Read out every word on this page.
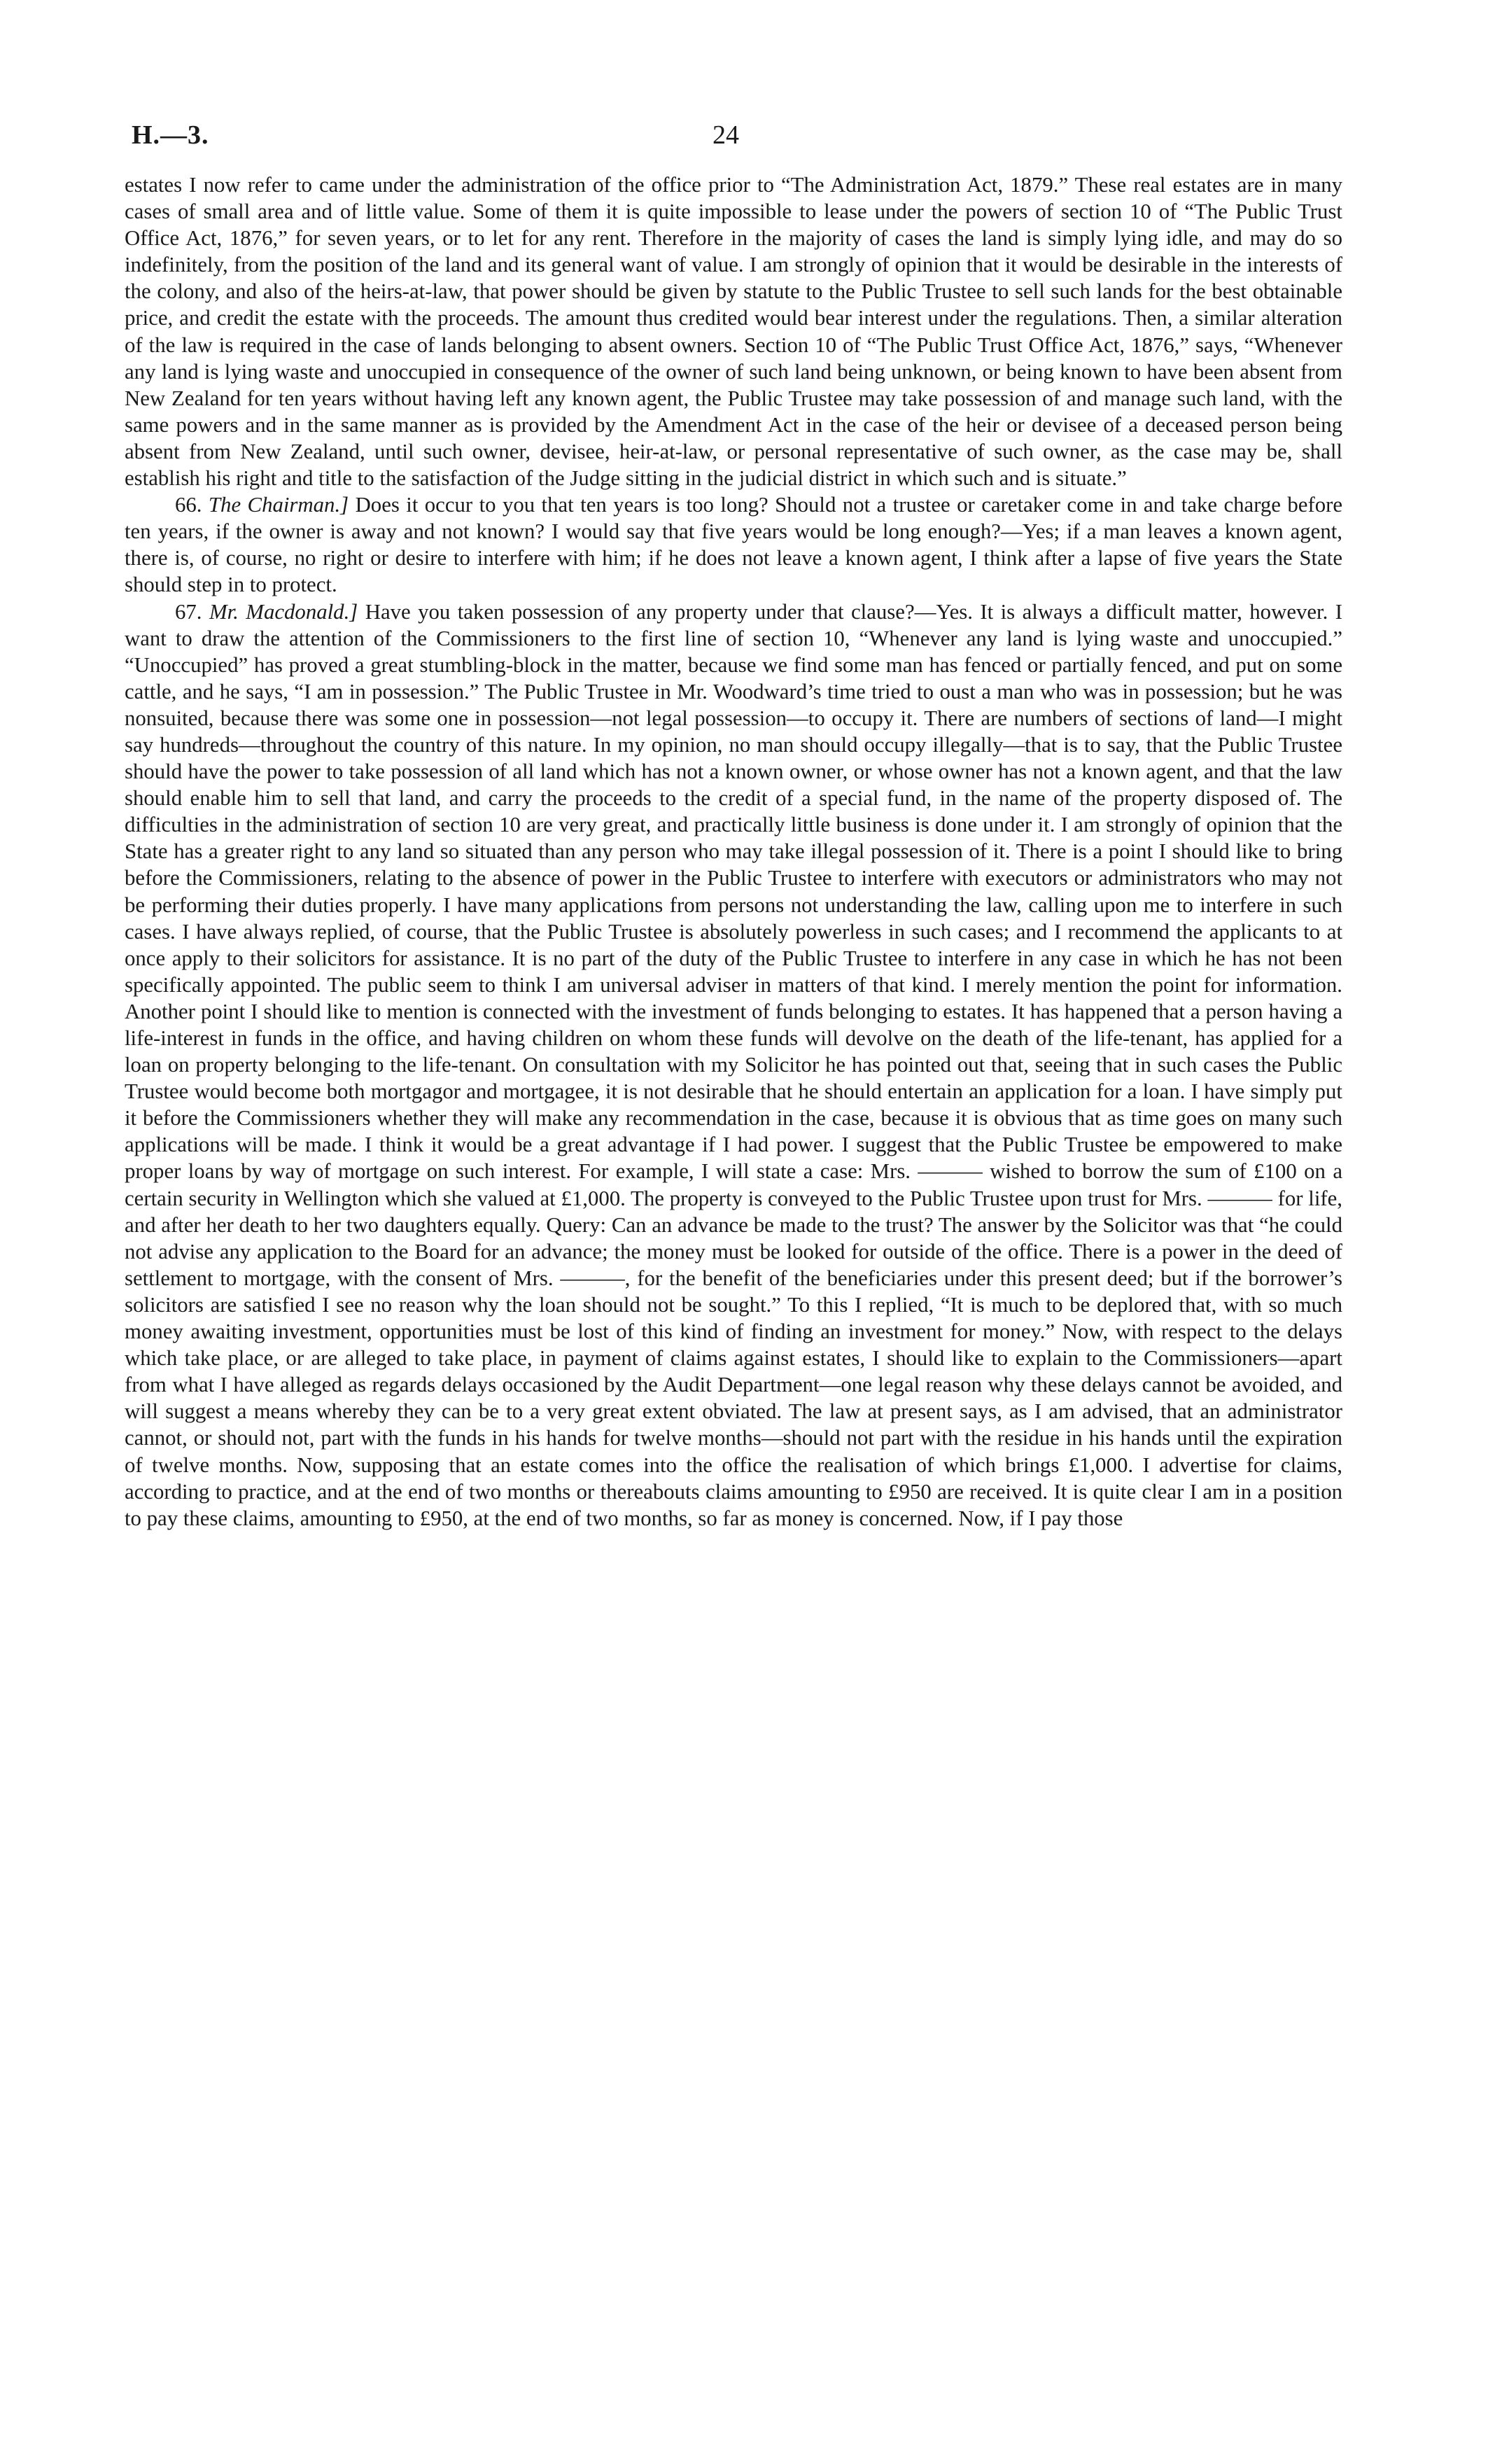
H.—3.	24

estates I now refer to came under the administration of the office prior to “The Administration Act, 1879.” These real estates are in many cases of small area and of little value. Some of them it is quite impossible to lease under the powers of section 10 of “The Public Trust Office Act, 1876,” for seven years, or to let for any rent. Therefore in the majority of cases the land is simply lying idle, and may do so indefinitely, from the position of the land and its general want of value. I am strongly of opinion that it would be desirable in the interests of the colony, and also of the heirs-at-law, that power should be given by statute to the Public Trustee to sell such lands for the best obtainable price, and credit the estate with the proceeds. The amount thus credited would bear interest under the regulations. Then, a similar alteration of the law is required in the case of lands belonging to absent owners. Section 10 of “The Public Trust Office Act, 1876,” says, “Whenever any land is lying waste and unoccupied in consequence of the owner of such land being unknown, or being known to have been absent from New Zealand for ten years without having left any known agent, the Public Trustee may take possession of and manage such land, with the same powers and in the same manner as is provided by the Amendment Act in the case of the heir or devisee of a deceased person being absent from New Zealand, until such owner, devisee, heir-at-law, or personal representative of such owner, as the case may be, shall establish his right and title to the satisfaction of the Judge sitting in the judicial district in which such and is situate.”

66. The Chairman.] Does it occur to you that ten years is too long? Should not a trustee or caretaker come in and take charge before ten years, if the owner is away and not known? I would say that five years would be long enough?—Yes; if a man leaves a known agent, there is, of course, no right or desire to interfere with him; if he does not leave a known agent, I think after a lapse of five years the State should step in to protect.

67. Mr. Macdonald.] Have you taken possession of any property under that clause?—Yes. It is always a difficult matter, however. I want to draw the attention of the Commissioners to the first line of section 10, “Whenever any land is lying waste and unoccupied.” “Unoccupied” has proved a great stumbling-block in the matter, because we find some man has fenced or partially fenced, and put on some cattle, and he says, “I am in possession.” The Public Trustee in Mr. Woodward’s time tried to oust a man who was in possession; but he was nonsuited, because there was some one in possession—not legal possession—to occupy it. There are numbers of sections of land—I might say hundreds—throughout the country of this nature. In my opinion, no man should occupy illegally—that is to say, that the Public Trustee should have the power to take possession of all land which has not a known owner, or whose owner has not a known agent, and that the law should enable him to sell that land, and carry the proceeds to the credit of a special fund, in the name of the property disposed of. The difficulties in the administration of section 10 are very great, and practically little business is done under it. I am strongly of opinion that the State has a greater right to any land so situated than any person who may take illegal possession of it. There is a point I should like to bring before the Commissioners, relating to the absence of power in the Public Trustee to interfere with executors or administrators who may not be performing their duties properly. I have many applications from persons not understanding the law, calling upon me to interfere in such cases. I have always replied, of course, that the Public Trustee is absolutely powerless in such cases; and I recommend the applicants to at once apply to their solicitors for assistance. It is no part of the duty of the Public Trustee to interfere in any case in which he has not been specifically appointed. The public seem to think I am universal adviser in matters of that kind. I merely mention the point for information. Another point I should like to mention is connected with the investment of funds belonging to estates. It has happened that a person having a life-interest in funds in the office, and having children on whom these funds will devolve on the death of the life-tenant, has applied for a loan on property belonging to the life-tenant. On consultation with my Solicitor he has pointed out that, seeing that in such cases the Public Trustee would become both mortgagor and mortgagee, it is not desirable that he should entertain an application for a loan. I have simply put it before the Commissioners whether they will make any recommendation in the case, because it is obvious that as time goes on many such applications will be made. I think it would be a great advantage if I had power. I suggest that the Public Trustee be empowered to make proper loans by way of mortgage on such interest. For example, I will state a case: Mrs. ——— wished to borrow the sum of £100 on a certain security in Wellington which she valued at £1,000. The property is conveyed to the Public Trustee upon trust for Mrs. ——— for life, and after her death to her two daughters equally. Query: Can an advance be made to the trust? The answer by the Solicitor was that “he could not advise any application to the Board for an advance; the money must be looked for outside of the office. There is a power in the deed of settlement to mortgage, with the consent of Mrs. ———, for the benefit of the beneficiaries under this present deed; but if the borrower’s solicitors are satisfied I see no reason why the loan should not be sought.” To this I replied, “It is much to be deplored that, with so much money awaiting investment, opportunities must be lost of this kind of finding an investment for money.” Now, with respect to the delays which take place, or are alleged to take place, in payment of claims against estates, I should like to explain to the Commissioners—apart from what I have alleged as regards delays occasioned by the Audit Department—one legal reason why these delays cannot be avoided, and will suggest a means whereby they can be to a very great extent obviated. The law at present says, as I am advised, that an administrator cannot, or should not, part with the funds in his hands for twelve months—should not part with the residue in his hands until the expiration of twelve months. Now, supposing that an estate comes into the office the realisation of which brings £1,000. I advertise for claims, according to practice, and at the end of two months or thereabouts claims amounting to £950 are received. It is quite clear I am in a position to pay these claims, amounting to £950, at the end of two months, so far as money is concerned. Now, if I pay those
